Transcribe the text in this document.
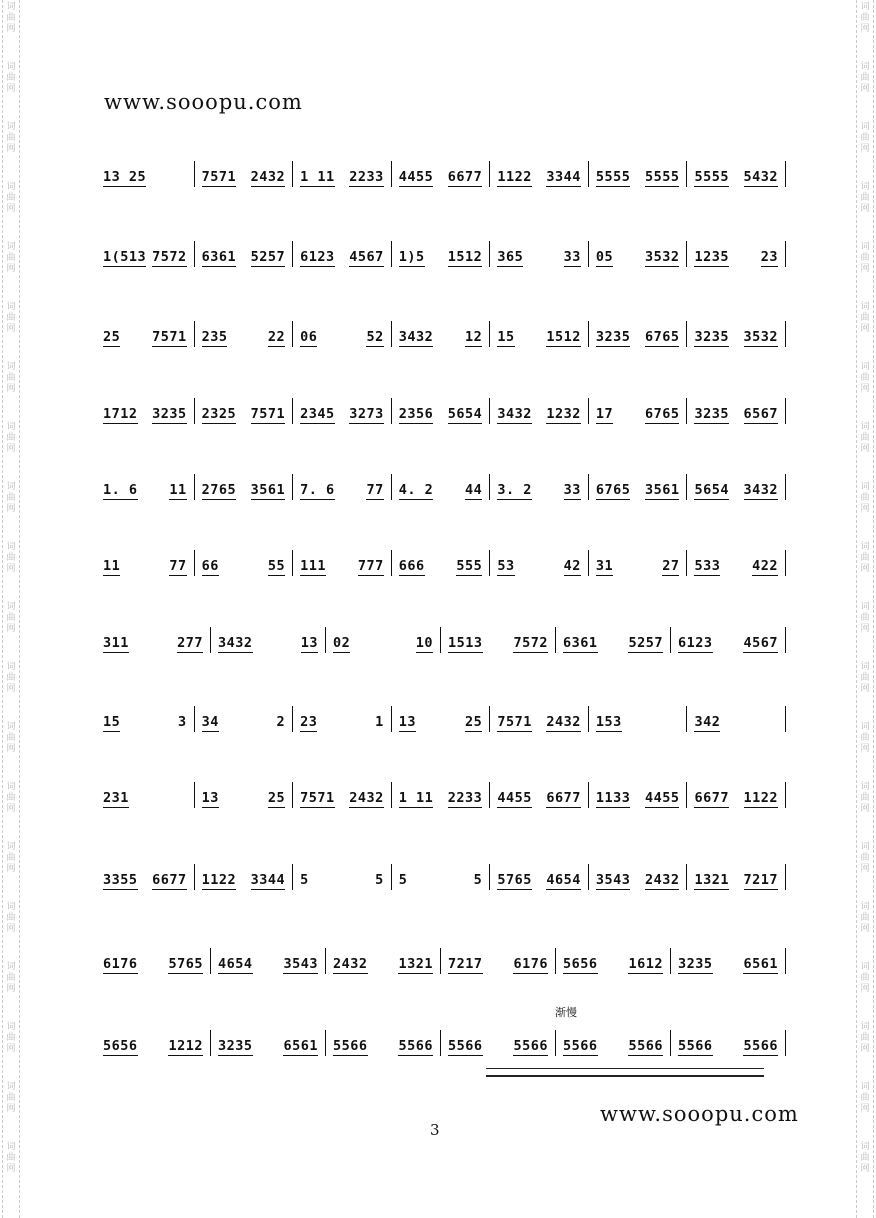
词
曲
网
词
曲
网
词
曲
网
词
曲
网
词
曲
网
词
曲
网
词
曲
网
词
曲
网
词
曲
网
词
曲
网
词
曲
网
词
曲
网
词
曲
网
词
曲
网
词
曲
网
词
曲
网
词
曲
网
词
曲
网
词
曲
网
词
曲
网
词
曲
网
词
曲
网
词
曲
网
词
曲
网
词
曲
网
词
曲
网
词
曲
网
词
曲
网
词
曲
网
词
曲
网
词
曲
网
词
曲
网
词
曲
网
词
曲
网
词
曲
网
词
曲
网
词
曲
网
词
曲
网
词
曲
网
词
曲
网
www.sooopu.com
13 25	7571 2432 1 11 2233 4455 6677 1122 3344 5555 5555 5555 5432
1(513 7572 6361 5257 6123 4567 1)5 1512 365	33 05 3532 1235 23
25 7571 235	22 06	52 3432 12 15 1512 3235 6765 3235 3532
1712 3235 2325 7571 2345 3273 2356 5654 3432 1232 17 6765 3235 6567
1. 6 11 2765 3561 7. 6 77 4. 2 44 3. 2 33 6765 3561 5654 3432
11	77 66	55 111 777 666 555 53	42 31	27 533 422
311	277 3432	13 02	10 1513 7572 6361 5257 6123 4567
15	3 34	2 23	1 13	25 7571 2432 153	342
231	13	25 7571 2432 1 11 2233 4455 6677 1133 4455 6677 1122
3355 6677 1122 3344 5	5 5	5 5765 4654 3543 2432 1321 7217
6176 5765 4654 3543 2432 1321 7217 6176 5656 1612 3235 6561
5656 1212 3235 6561 5566 5566 5566 5566 5566 5566 5566 5566
渐慢
www.sooopu.com
3
